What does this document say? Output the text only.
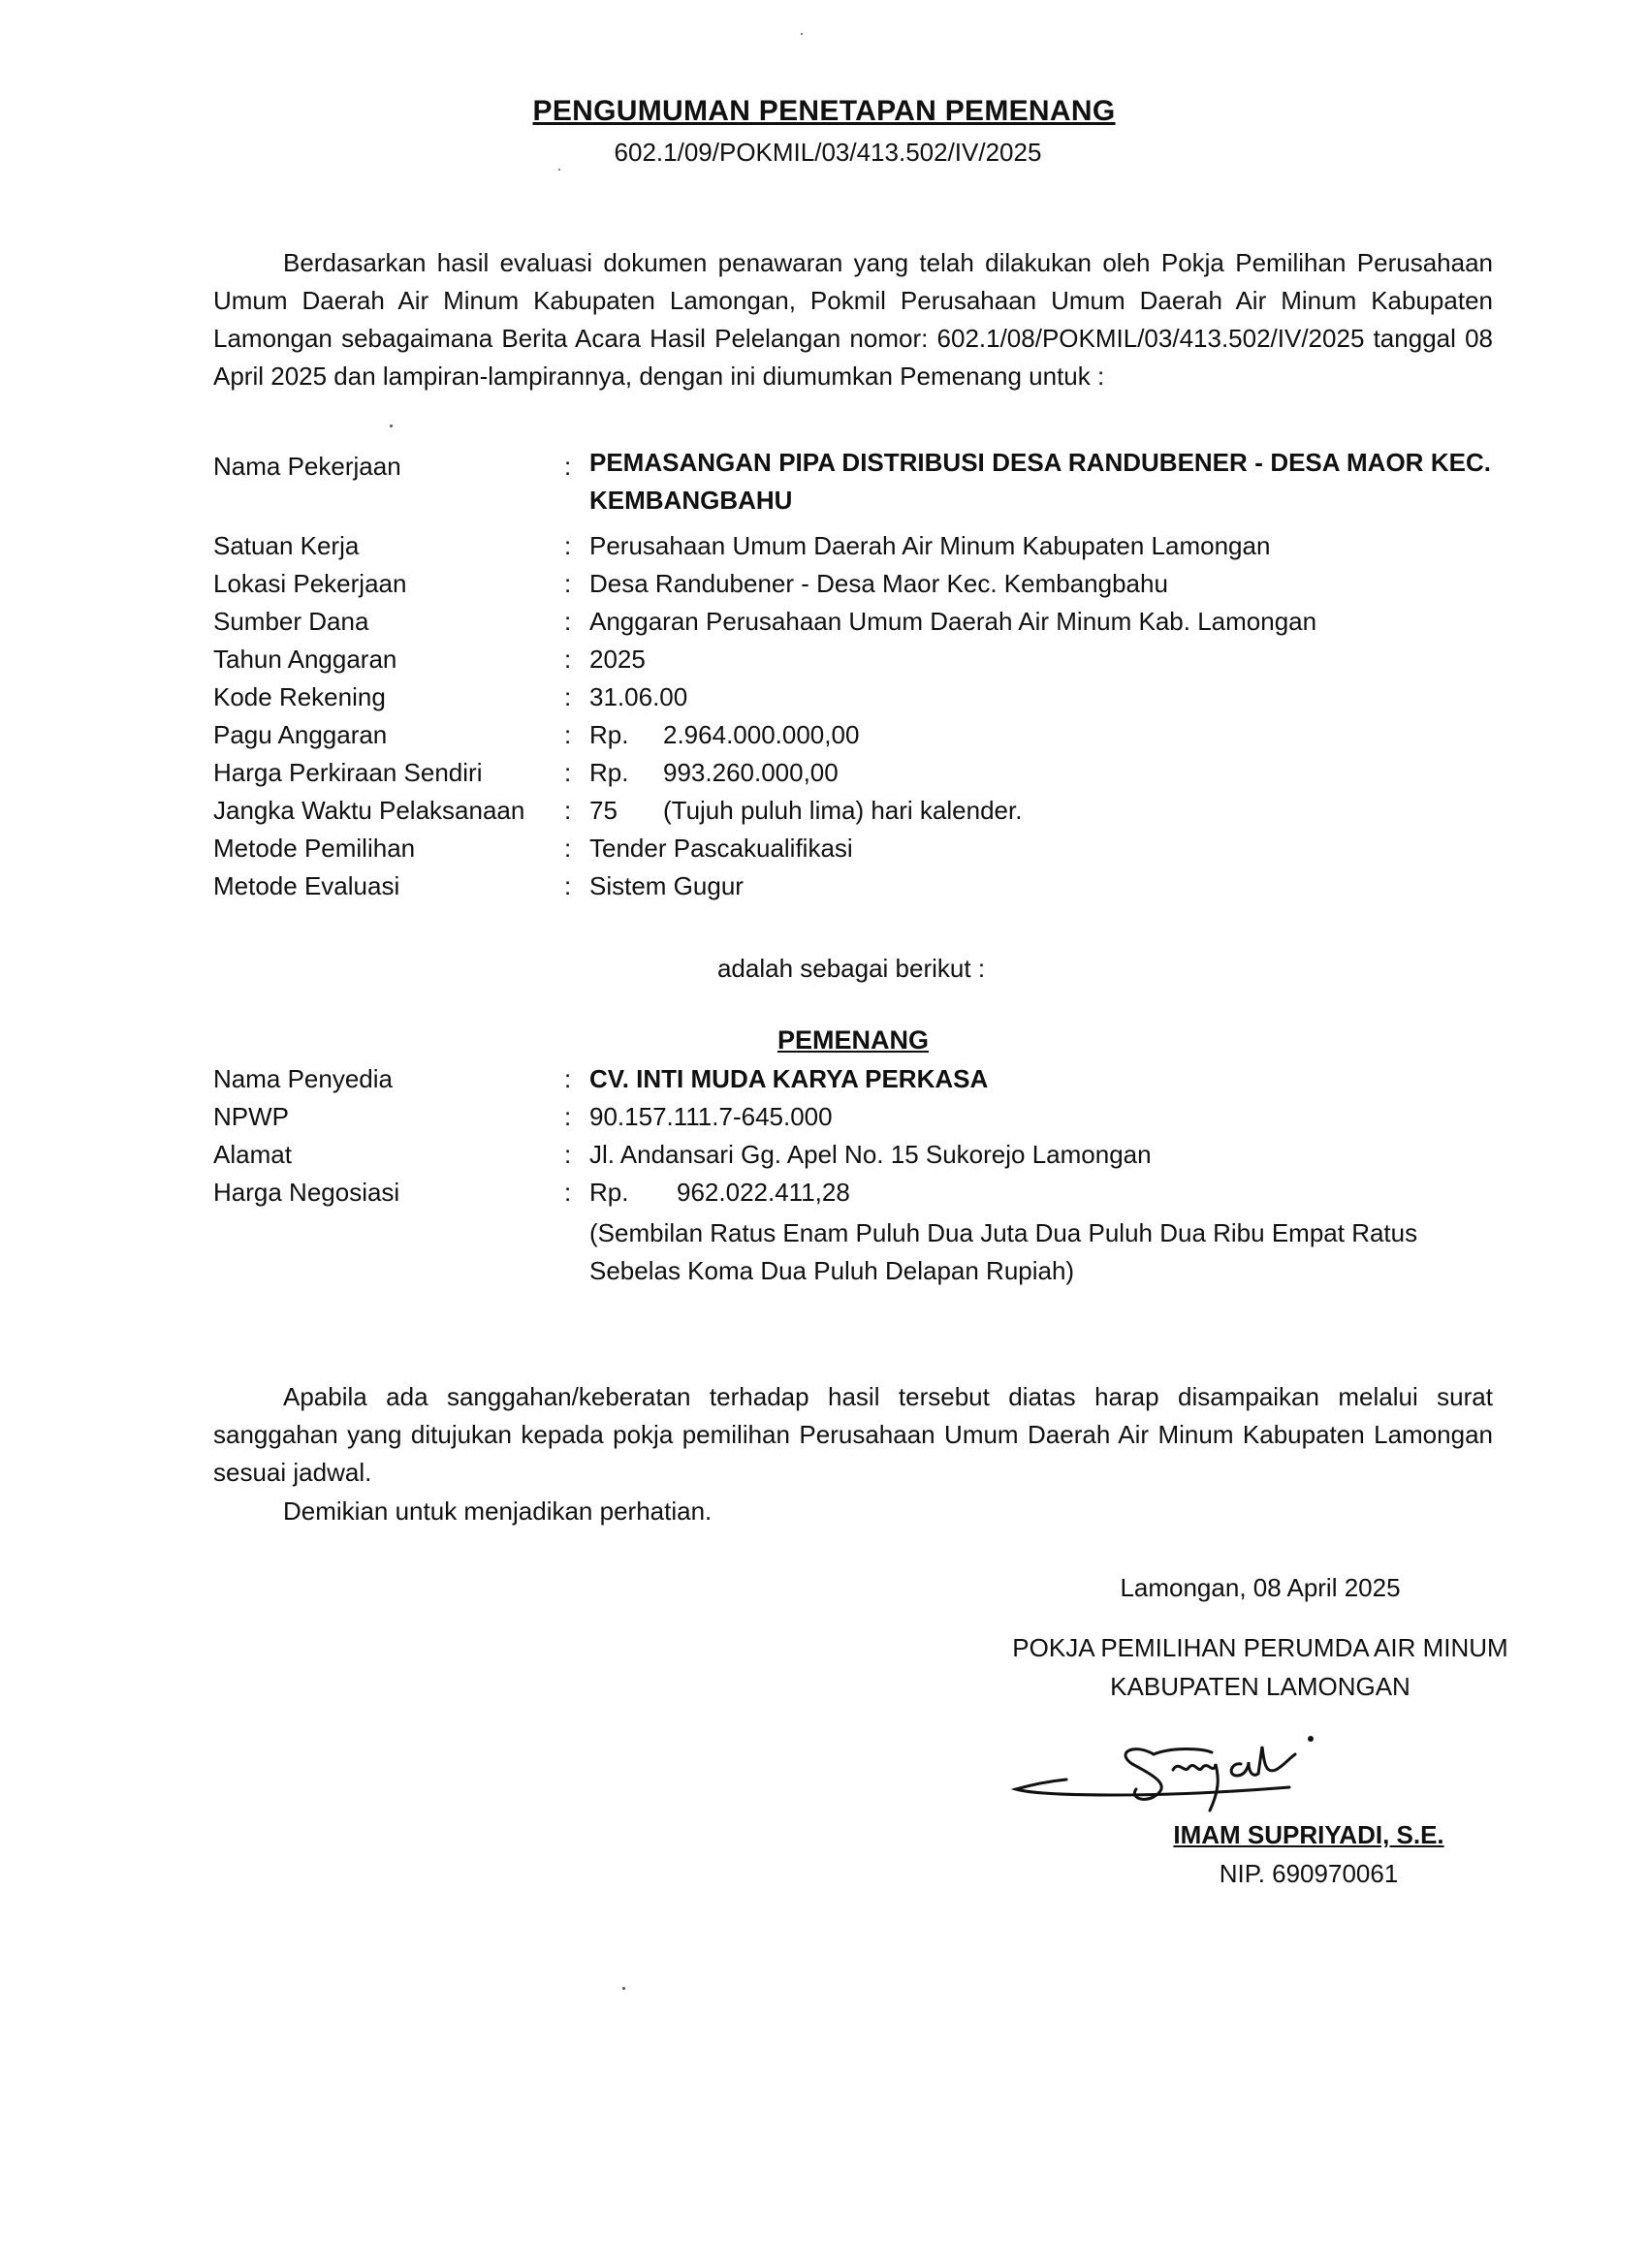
PENGUMUMAN PENETAPAN PEMENANG
602.1/09/POKMIL/03/413.502/IV/2025
Berdasarkan hasil evaluasi dokumen penawaran yang telah dilakukan oleh Pokja Pemilihan Perusahaan Umum Daerah Air Minum Kabupaten Lamongan, Pokmil Perusahaan Umum Daerah Air Minum Kabupaten Lamongan sebagaimana Berita Acara Hasil Pelelangan nomor: 602.1/08/POKMIL/03/413.502/IV/2025 tanggal 08 April 2025 dan lampiran-lampirannya, dengan ini diumumkan Pemenang untuk :
Nama Pekerjaan	: PEMASANGAN PIPA DISTRIBUSI DESA RANDUBENER - DESA MAOR KEC. KEMBANGBAHU
Satuan Kerja	: Perusahaan Umum Daerah Air Minum Kabupaten Lamongan
Lokasi Pekerjaan	: Desa Randubener - Desa Maor Kec. Kembangbahu
Sumber Dana	: Anggaran Perusahaan Umum Daerah Air Minum Kab. Lamongan
Tahun Anggaran	: 2025
Kode Rekening	: 31.06.00
Pagu Anggaran	: Rp. 2.964.000.000,00
Harga Perkiraan Sendiri	: Rp. 993.260.000,00
Jangka Waktu Pelaksanaan : 75 (Tujuh puluh lima) hari kalender.
Metode Pemilihan	: Tender Pascakualifikasi
Metode Evaluasi	: Sistem Gugur
adalah sebagai berikut :
PEMENANG
Nama Penyedia	: CV. INTI MUDA KARYA PERKASA
NPWP	: 90.157.111.7-645.000
Alamat	: Jl. Andansari Gg. Apel No. 15 Sukorejo Lamongan
Harga Negosiasi	: Rp. 962.022.411,28
(Sembilan Ratus Enam Puluh Dua Juta Dua Puluh Dua Ribu Empat Ratus Sebelas Koma Dua Puluh Delapan Rupiah)
Apabila ada sanggahan/keberatan terhadap hasil tersebut diatas harap disampaikan melalui surat sanggahan yang ditujukan kepada pokja pemilihan Perusahaan Umum Daerah Air Minum Kabupaten Lamongan sesuai jadwal.
Demikian untuk menjadikan perhatian.
Lamongan, 08 April 2025
POKJA PEMILIHAN PERUMDA AIR MINUM
KABUPATEN LAMONGAN
IMAM SUPRIYADI, S.E.
NIP. 690970061
